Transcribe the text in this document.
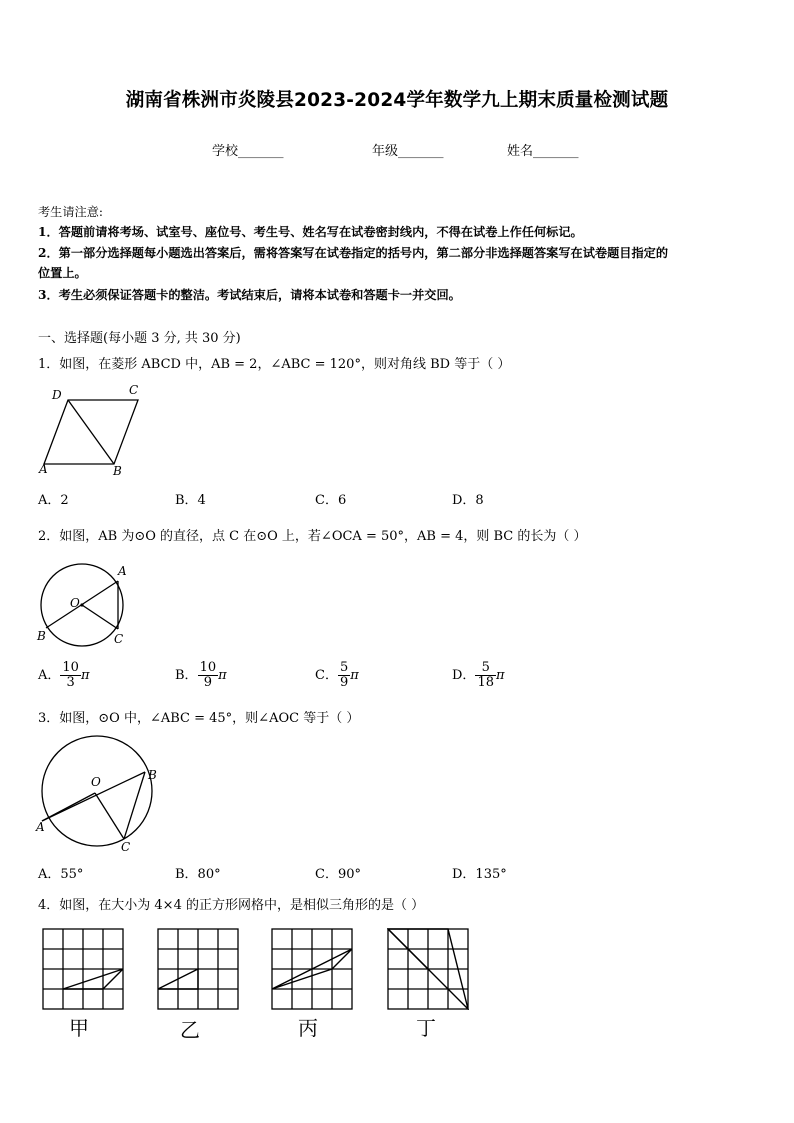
湖南省株洲市炎陵县2023-2024学年数学九上期末质量检测试题
学校_______	年级_______	姓名_______
考生请注意:
1．答题前请将考场、试室号、座位号、考生号、姓名写在试卷密封线内，不得在试卷上作任何标记。
2．第一部分选择题每小题选出答案后，需将答案写在试卷指定的括号内，第二部分非选择题答案写在试卷题目指定的
位置上。
3．考生必须保证答题卡的整洁。考试结束后，请将本试卷和答题卡一并交回。
一、选择题(每小题 3 分, 共 30 分)
1．如图，在菱形 ABCD 中，AB = 2，∠ABC = 120°，则对角线 BD 等于（ ）
D	C
A	B
A．2	B．4	C．6	D．8
2．如图，AB 为⊙O 的直径，点 C 在⊙O 上，若∠OCA = 50°，AB = 4，则 BC 的长为（ ）
A
O
B	C
A． $\frac{10}{3}$ π	B． $\frac{10}{9}$ π	C． $\frac{5}{9}$ π	D． $\frac{5}{18}$ π
3．如图，⊙O 中，∠ABC = 45°，则∠AOC 等于（ ）
O	B
A
C
A．55°	B．80°	C．90°	D．135°
4．如图，在大小为 4×4 的正方形网格中，是相似三角形的是（ ）
甲	乙	丙	丁
